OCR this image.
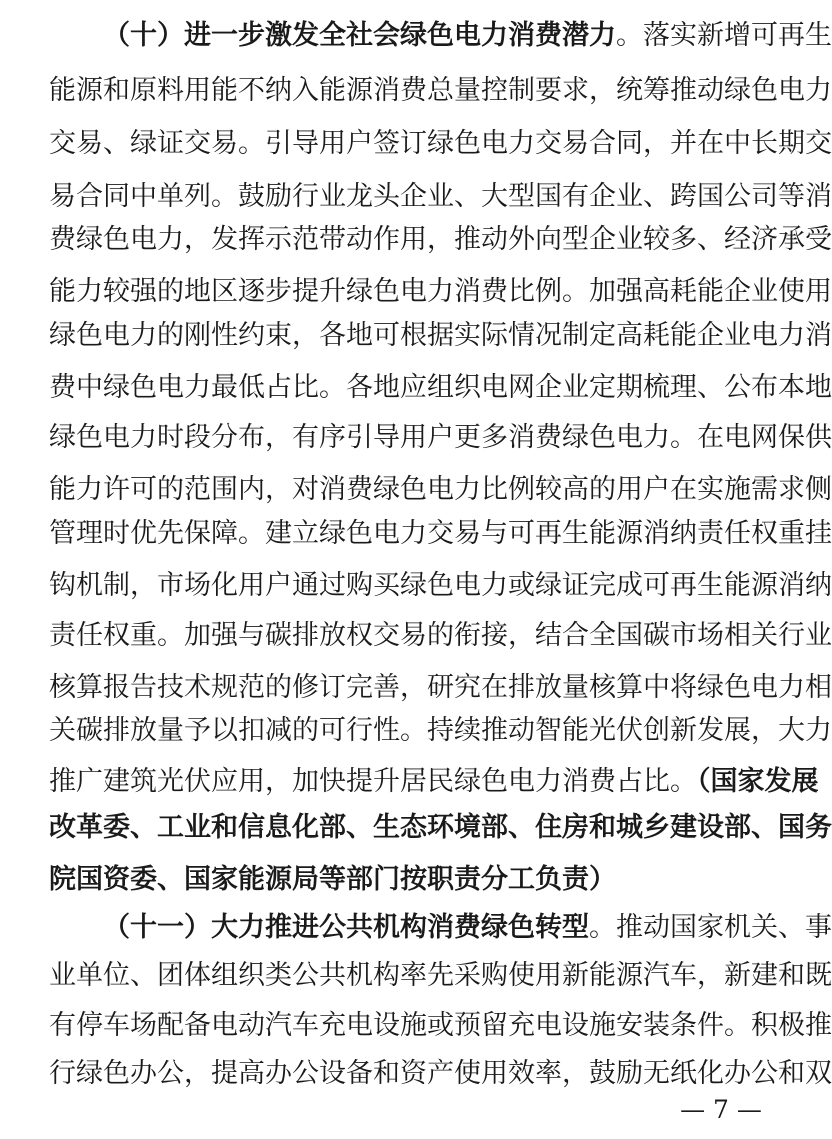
（十）进一步激发全社会绿色电力消费潜力。落实新增可再生
能源和原料用能不纳入能源消费总量控制要求，统筹推动绿色电力
交易、绿证交易。引导用户签订绿色电力交易合同，并在中长期交
易合同中单列。鼓励行业龙头企业、大型国有企业、跨国公司等消
费绿色电力，发挥示范带动作用，推动外向型企业较多、经济承受
能力较强的地区逐步提升绿色电力消费比例。加强高耗能企业使用
绿色电力的刚性约束，各地可根据实际情况制定高耗能企业电力消
费中绿色电力最低占比。各地应组织电网企业定期梳理、公布本地
绿色电力时段分布，有序引导用户更多消费绿色电力。在电网保供
能力许可的范围内，对消费绿色电力比例较高的用户在实施需求侧
管理时优先保障。建立绿色电力交易与可再生能源消纳责任权重挂
钩机制，市场化用户通过购买绿色电力或绿证完成可再生能源消纳
责任权重。加强与碳排放权交易的衔接，结合全国碳市场相关行业
核算报告技术规范的修订完善，研究在排放量核算中将绿色电力相
关碳排放量予以扣减的可行性。持续推动智能光伏创新发展，大力
推广建筑光伏应用，加快提升居民绿色电力消费占比。（国家发展
改革委、工业和信息化部、生态环境部、住房和城乡建设部、国务
院国资委、国家能源局等部门按职责分工负责）
（十一）大力推进公共机构消费绿色转型。推动国家机关、事
业单位、团体组织类公共机构率先采购使用新能源汽车，新建和既
有停车场配备电动汽车充电设施或预留充电设施安装条件。积极推
行绿色办公，提高办公设备和资产使用效率，鼓励无纸化办公和双
— 7 —
